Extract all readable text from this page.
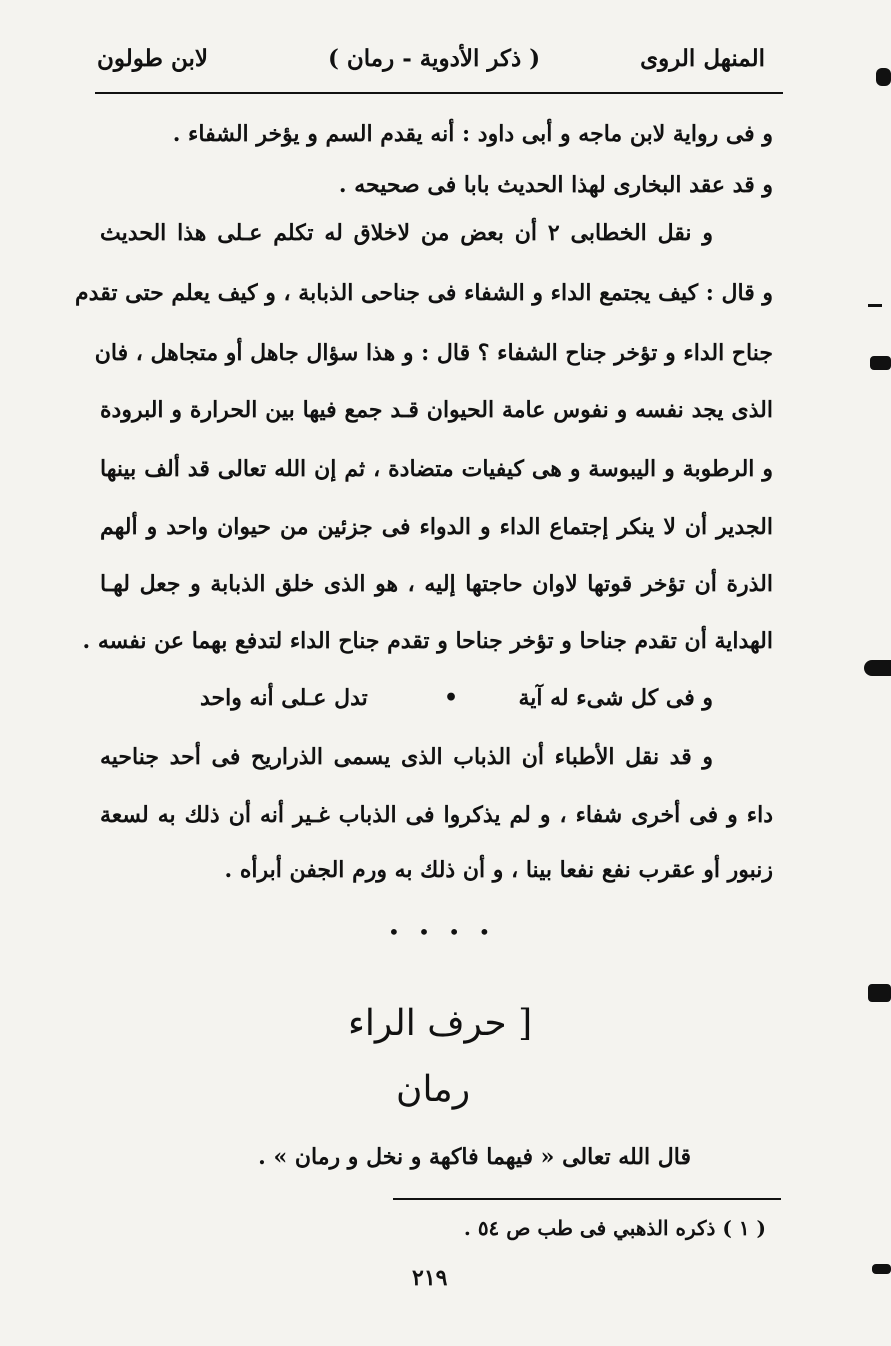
المنهل الروى
( ذكر الأدوية - رمان )
لابن طولون
و فى رواية لابن ماجه و أبى داود : أنه يقدم السم و يؤخر الشفاء .
و قد عقد البخارى لهذا الحديث بابا فى صحيحه .
و نقل الخطابى ٢ أن بعض من لاخلاق له تكلم عـلى هذا الحديث
و قال : كيف يجتمع الداء و الشفاء فى جناحى الذبابة ، و كيف يعلم حتى تقدم
جناح الداء و تؤخر جناح الشفاء ؟ قال : و هذا سؤال جاهل أو متجاهل ، فان
الذى يجد نفسه و نفوس عامة الحيوان قـد جمع فيها بين الحرارة و البرودة
و الرطوبة و اليبوسة و هى كيفيات متضادة ، ثم إن الله تعالى قد ألف بينها
الجدير أن لا ينكر إجتماع الداء و الدواء فى جزئين من حيوان واحد و ألهم
الذرة أن تؤخر قوتها لاوان حاجتها إليه ، هو الذى خلق الذبابة و جعل لهـا
الهداية أن تقدم جناحا و تؤخر جناحا و تقدم جناح الداء لتدفع بهما عن نفسه .
و فى كل شىء له آية
•
تدل عـلى أنه واحد
و قد نقل الأطباء أن الذباب الذى يسمى الذراريح فى أحد جناحيه
داء و فى أخرى شفاء ، و لم يذكروا فى الذباب غـير أنه أن ذلك به لسعة
زنبور أو عقرب نفع نفعا بينا ، و أن ذلك به ورم الجفن أبرأه .
• • • •
[ حرف الراء
رمان
قال الله تعالى « فيهما فاكهة و نخل و رمان » .
( ١ ) ذكره الذهبي فى طب ص ٥٤ .
٢١٩
